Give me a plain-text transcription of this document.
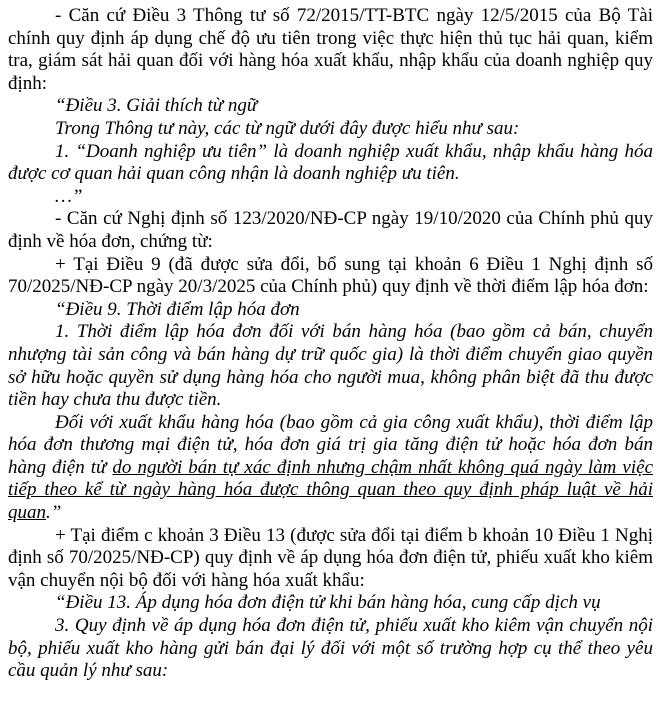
- Căn cứ Điều 3 Thông tư số 72/2015/TT-BTC ngày 12/5/2015 của Bộ Tài chính quy định áp dụng chế độ ưu tiên trong việc thực hiện thủ tục hải quan, kiểm tra, giám sát hải quan đối với hàng hóa xuất khẩu, nhập khẩu của doanh nghiệp quy định:

“Điều 3. Giải thích từ ngữ

Trong Thông tư này, các từ ngữ dưới đây được hiểu như sau:

1. “Doanh nghiệp ưu tiên” là doanh nghiệp xuất khẩu, nhập khẩu hàng hóa được cơ quan hải quan công nhận là doanh nghiệp ưu tiên.

…”

- Căn cứ Nghị định số 123/2020/NĐ-CP ngày 19/10/2020 của Chính phủ quy định về hóa đơn, chứng từ:

+ Tại Điều 9 (đã được sửa đổi, bổ sung tại khoản 6 Điều 1 Nghị định số 70/2025/NĐ-CP ngày 20/3/2025 của Chính phủ) quy định về thời điểm lập hóa đơn:

“Điều 9. Thời điểm lập hóa đơn

1. Thời điểm lập hóa đơn đối với bán hàng hóa (bao gồm cả bán, chuyển nhượng tài sản công và bán hàng dự trữ quốc gia) là thời điểm chuyển giao quyền sở hữu hoặc quyền sử dụng hàng hóa cho người mua, không phân biệt đã thu được tiền hay chưa thu được tiền.

Đối với xuất khẩu hàng hóa (bao gồm cả gia công xuất khẩu), thời điểm lập hóa đơn thương mại điện tử, hóa đơn giá trị gia tăng điện tử hoặc hóa đơn bán hàng điện tử do người bán tự xác định nhưng chậm nhất không quá ngày làm việc tiếp theo kể từ ngày hàng hóa được thông quan theo quy định pháp luật về hải quan.”

+ Tại điểm c khoản 3 Điều 13 (được sửa đổi tại điểm b khoản 10 Điều 1 Nghị định số 70/2025/NĐ-CP) quy định về áp dụng hóa đơn điện tử, phiếu xuất kho kiêm vận chuyển nội bộ đối với hàng hóa xuất khẩu:

“Điều 13. Áp dụng hóa đơn điện tử khi bán hàng hóa, cung cấp dịch vụ

3. Quy định về áp dụng hóa đơn điện tử, phiếu xuất kho kiêm vận chuyển nội bộ, phiếu xuất kho hàng gửi bán đại lý đối với một số trường hợp cụ thể theo yêu cầu quản lý như sau:
